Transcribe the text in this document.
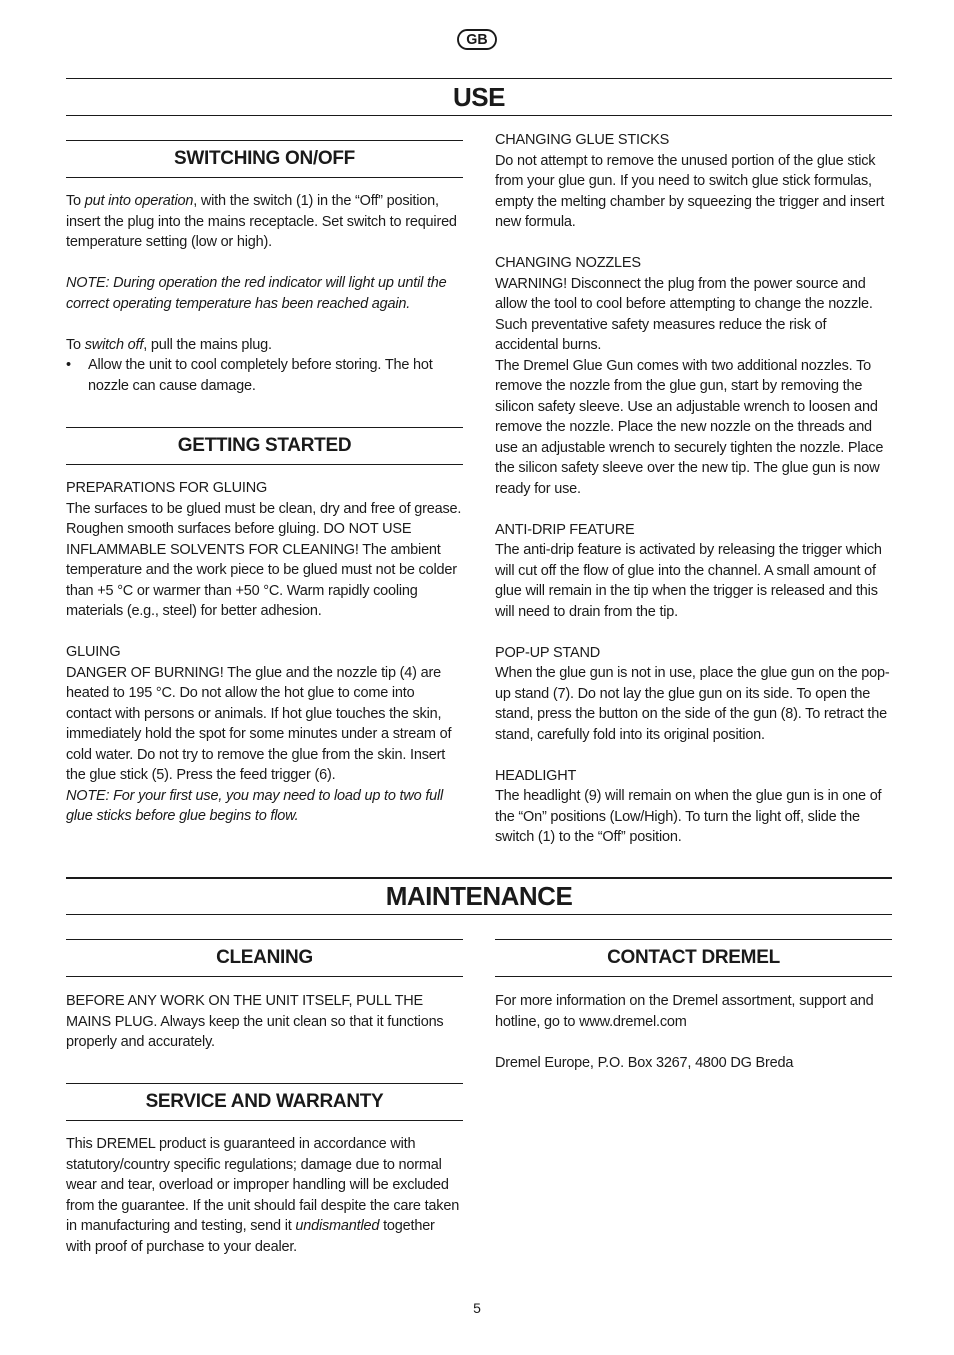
GB
USE
SWITCHING ON/OFF

To put into operation, with the switch (1) in the “Off” position, insert the plug into the mains receptacle. Set switch to required temperature setting (low or high).

NOTE: During operation the red indicator will light up until the correct operating temperature has been reached again.

To switch off, pull the mains plug.

• Allow the unit to cool completely before storing. The hot nozzle can cause damage.
GETTING STARTED

PREPARATIONS FOR GLUING

The surfaces to be glued must be clean, dry and free of grease. Roughen smooth surfaces before gluing. DO NOT USE INFLAMMABLE SOLVENTS FOR CLEANING! The ambient temperature and the work piece to be glued must not be colder than +5 °C or warmer than +50 °C. Warm rapidly cooling materials (e.g., steel) for better adhesion.

GLUING

DANGER OF BURNING! The glue and the nozzle tip (4) are heated to 195 °C. Do not allow the hot glue to come into contact with persons or animals. If hot glue touches the skin, immediately hold the spot for some minutes under a stream of cold water. Do not try to remove the glue from the skin. Insert the glue stick (5). Press the feed trigger (6).

NOTE: For your first use, you may need to load up to two full glue sticks before glue begins to flow.

CHANGING GLUE STICKS

Do not attempt to remove the unused portion of the glue stick from your glue gun. If you need to switch glue stick formulas, empty the melting chamber by squeezing the trigger and insert new formula.

CHANGING NOZZLES

WARNING! Disconnect the plug from the power source and allow the tool to cool before attempting to change the nozzle. Such preventative safety measures reduce the risk of accidental burns.

The Dremel Glue Gun comes with two additional nozzles. To remove the nozzle from the glue gun, start by removing the silicon safety sleeve. Use an adjustable wrench to loosen and remove the nozzle. Place the new nozzle on the threads and use an adjustable wrench to securely tighten the nozzle. Place the silicon safety sleeve over the new tip. The glue gun is now ready for use.

ANTI-DRIP FEATURE

The anti-drip feature is activated by releasing the trigger which will cut off the flow of glue into the channel. A small amount of glue will remain in the tip when the trigger is released and this will need to drain from the tip.

POP-UP STAND

When the glue gun is not in use, place the glue gun on the pop-up stand (7). Do not lay the glue gun on its side. To open the stand, press the button on the side of the gun (8). To retract the stand, carefully fold into its original position.

HEADLIGHT

The headlight (9) will remain on when the glue gun is in one of the “On” positions (Low/High). To turn the light off, slide the switch (1) to the “Off” position.

MAINTENANCE
CLEANING

BEFORE ANY WORK ON THE UNIT ITSELF, PULL THE MAINS PLUG. Always keep the unit clean so that it functions properly and accurately.

SERVICE AND WARRANTY

This DREMEL product is guaranteed in accordance with statutory/country specific regulations; damage due to normal wear and tear, overload or improper handling will be excluded from the guarantee. If the unit should fail despite the care taken in manufacturing and testing, send it undismantled together with proof of purchase to your dealer.

CONTACT DREMEL

For more information on the Dremel assortment, support and hotline, go to www.dremel.com

Dremel Europe, P.O. Box 3267, 4800 DG Breda

5
